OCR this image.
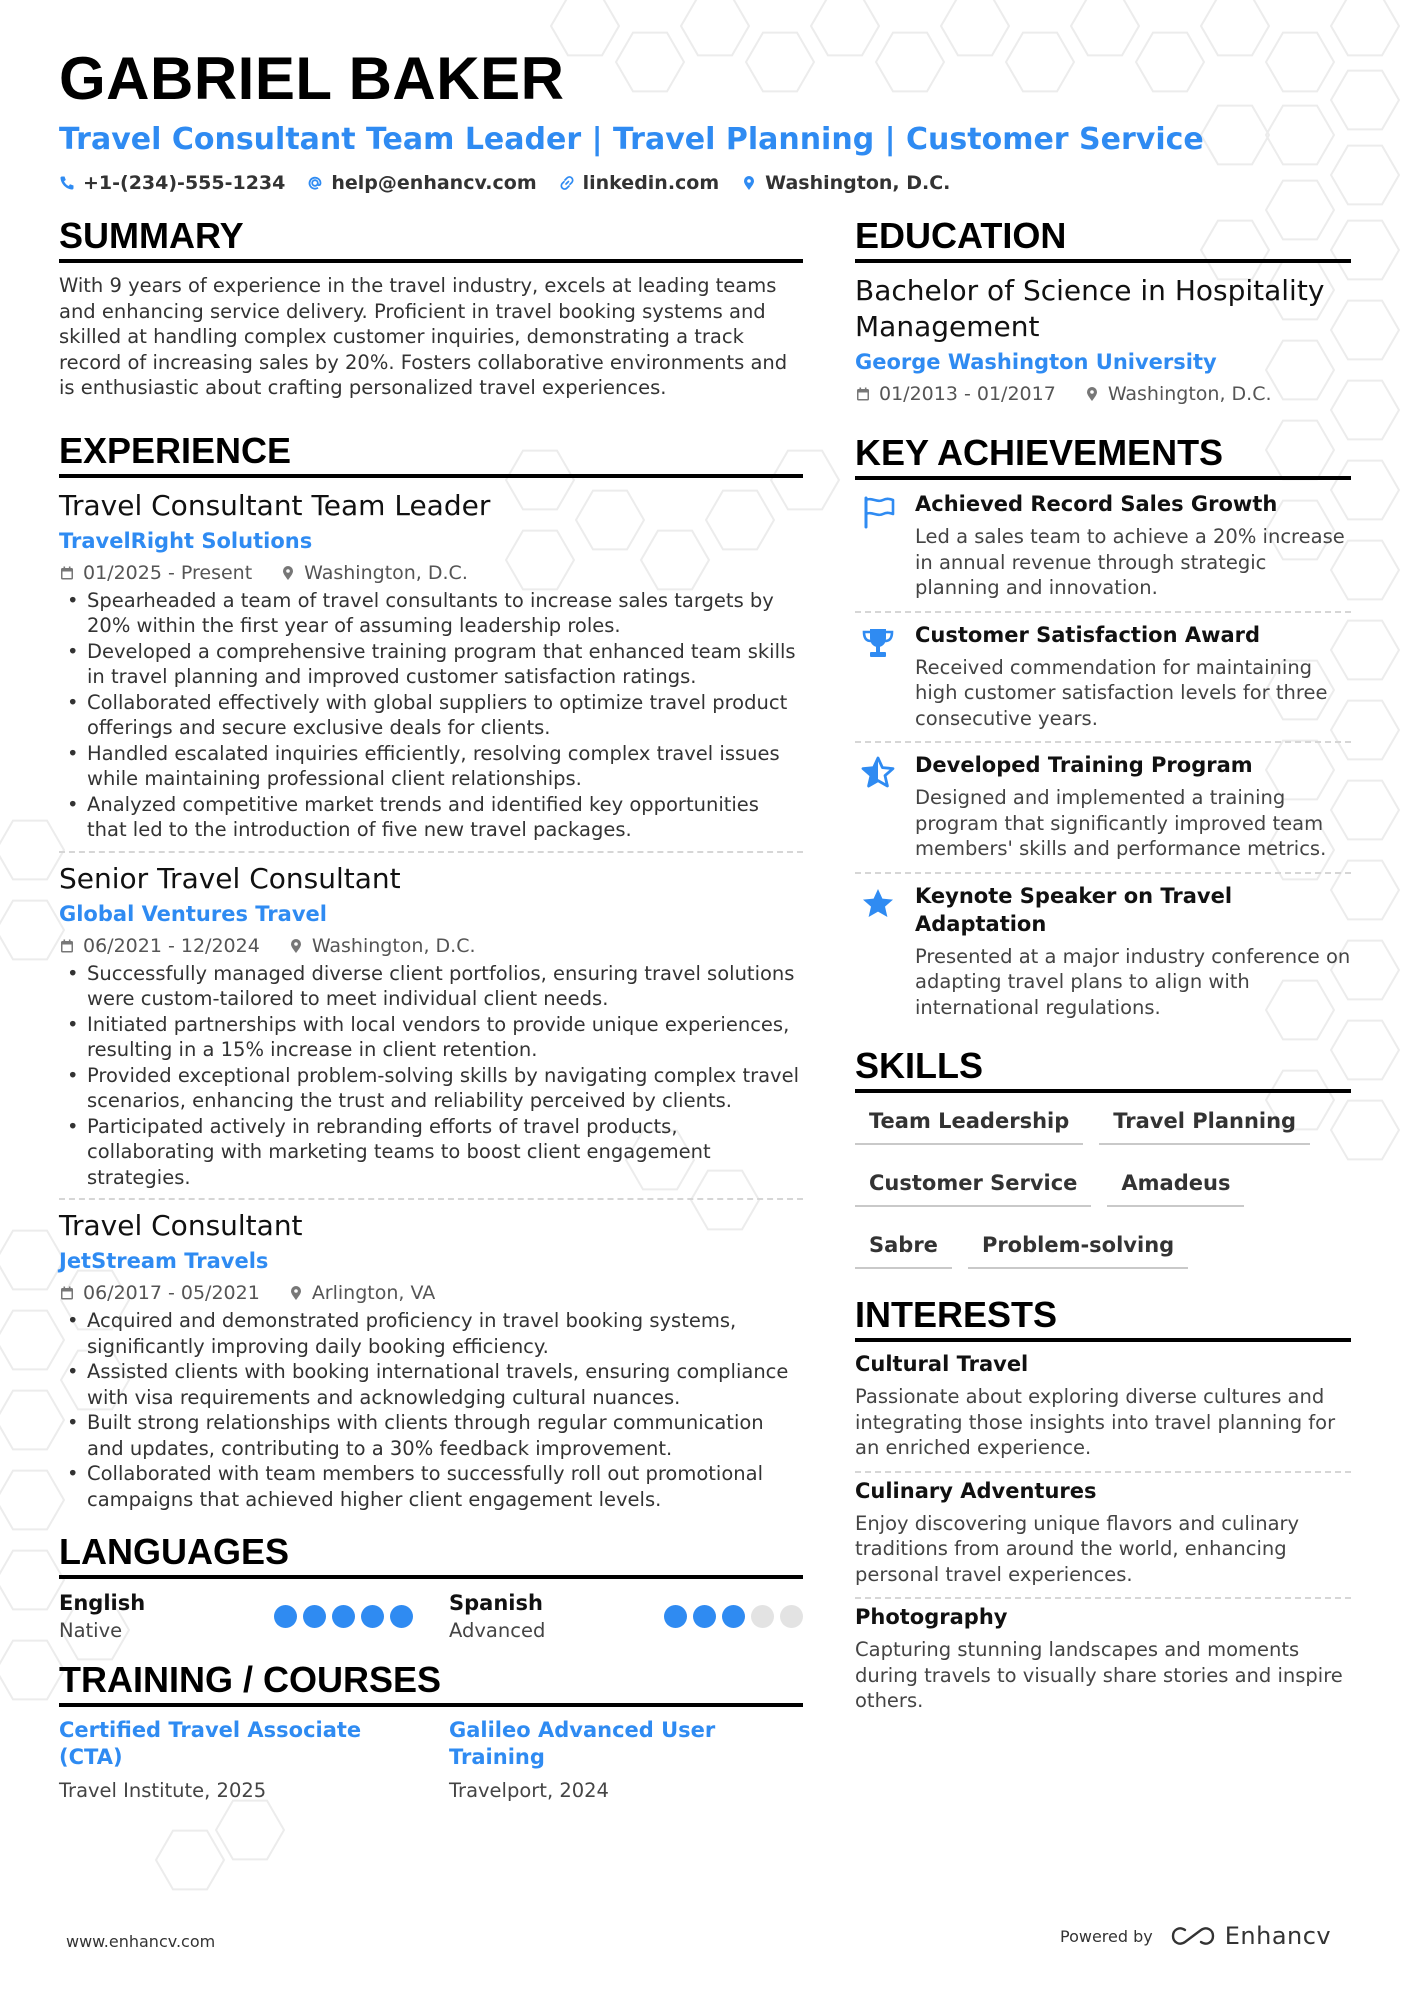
GABRIEL BAKER
Travel Consultant Team Leader | Travel Planning | Customer Service
+1-(234)-555-1234 help@enhancv.com linkedin.com Washington, D.C.
SUMMARY
With 9 years of experience in the travel industry, excels at leading teams and enhancing service delivery. Proficient in travel booking systems and skilled at handling complex customer inquiries, demonstrating a track record of increasing sales by 20%. Fosters collaborative environments and is enthusiastic about crafting personalized travel experiences.
EXPERIENCE
Travel Consultant Team Leader
TravelRight Solutions
01/2025 - Present	Washington, D.C.
• Spearheaded a team of travel consultants to increase sales targets by 20% within the first year of assuming leadership roles.
• Developed a comprehensive training program that enhanced team skills in travel planning and improved customer satisfaction ratings.
• Collaborated effectively with global suppliers to optimize travel product offerings and secure exclusive deals for clients.
• Handled escalated inquiries efficiently, resolving complex travel issues while maintaining professional client relationships.
• Analyzed competitive market trends and identified key opportunities that led to the introduction of five new travel packages.
Senior Travel Consultant
Global Ventures Travel
06/2021 - 12/2024	Washington, D.C.
• Successfully managed diverse client portfolios, ensuring travel solutions were custom-tailored to meet individual client needs.
• Initiated partnerships with local vendors to provide unique experiences, resulting in a 15% increase in client retention.
• Provided exceptional problem-solving skills by navigating complex travel scenarios, enhancing the trust and reliability perceived by clients.
• Participated actively in rebranding efforts of travel products, collaborating with marketing teams to boost client engagement strategies.
Travel Consultant
JetStream Travels
06/2017 - 05/2021	Arlington, VA
• Acquired and demonstrated proficiency in travel booking systems, significantly improving daily booking efficiency.
• Assisted clients with booking international travels, ensuring compliance with visa requirements and acknowledging cultural nuances.
• Built strong relationships with clients through regular communication and updates, contributing to a 30% feedback improvement.
• Collaborated with team members to successfully roll out promotional campaigns that achieved higher client engagement levels.
LANGUAGES
English
Native
Spanish
Advanced
TRAINING / COURSES
Certified Travel Associate (CTA)
Travel Institute, 2025
Galileo Advanced User Training
Travelport, 2024
EDUCATION
Bachelor of Science in Hospitality Management
George Washington University
01/2013 - 01/2017	Washington, D.C.
KEY ACHIEVEMENTS
Achieved Record Sales Growth
Led a sales team to achieve a 20% increase in annual revenue through strategic planning and innovation.
Customer Satisfaction Award
Received commendation for maintaining high customer satisfaction levels for three consecutive years.
Developed Training Program
Designed and implemented a training program that significantly improved team members' skills and performance metrics.
Keynote Speaker on Travel Adaptation
Presented at a major industry conference on adapting travel plans to align with international regulations.
SKILLS
Team Leadership	Travel Planning
Customer Service	Amadeus
Sabre	Problem-solving
INTERESTS
Cultural Travel
Passionate about exploring diverse cultures and integrating those insights into travel planning for an enriched experience.
Culinary Adventures
Enjoy discovering unique flavors and culinary traditions from around the world, enhancing personal travel experiences.
Photography
Capturing stunning landscapes and moments during travels to visually share stories and inspire others.
www.enhancv.com	Powered by	Enhancv
